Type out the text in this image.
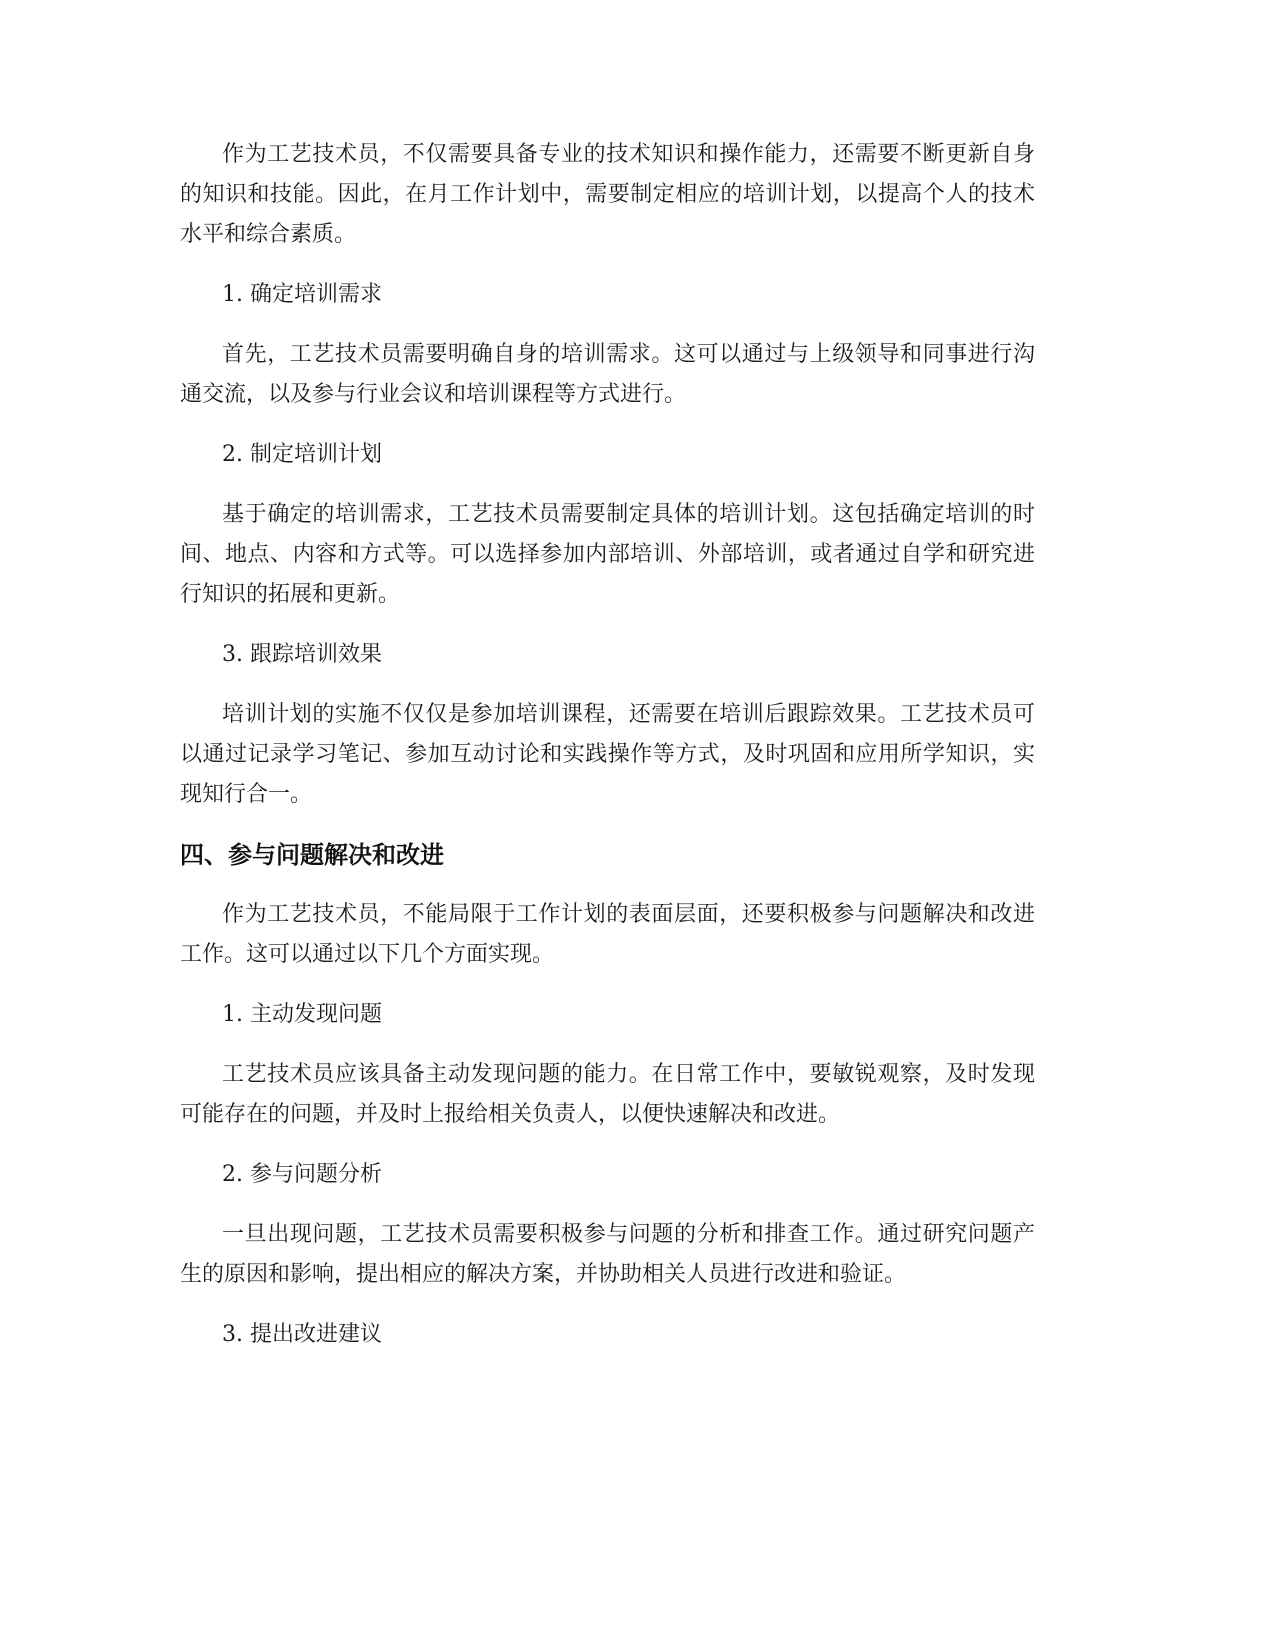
作为工艺技术员，不仅需要具备专业的技术知识和操作能力，还需要不断更新自身的知识和技能。因此，在月工作计划中，需要制定相应的培训计划，以提高个人的技术水平和综合素质。

1. 确定培训需求

首先，工艺技术员需要明确自身的培训需求。这可以通过与上级领导和同事进行沟通交流，以及参与行业会议和培训课程等方式进行。

2. 制定培训计划

基于确定的培训需求，工艺技术员需要制定具体的培训计划。这包括确定培训的时间、地点、内容和方式等。可以选择参加内部培训、外部培训，或者通过自学和研究进行知识的拓展和更新。

3. 跟踪培训效果

培训计划的实施不仅仅是参加培训课程，还需要在培训后跟踪效果。工艺技术员可以通过记录学习笔记、参加互动讨论和实践操作等方式，及时巩固和应用所学知识，实现知行合一。

四、参与问题解决和改进

作为工艺技术员，不能局限于工作计划的表面层面，还要积极参与问题解决和改进工作。这可以通过以下几个方面实现。

1. 主动发现问题

工艺技术员应该具备主动发现问题的能力。在日常工作中，要敏锐观察，及时发现可能存在的问题，并及时上报给相关负责人，以便快速解决和改进。

2. 参与问题分析

一旦出现问题，工艺技术员需要积极参与问题的分析和排查工作。通过研究问题产生的原因和影响，提出相应的解决方案，并协助相关人员进行改进和验证。

3. 提出改进建议
